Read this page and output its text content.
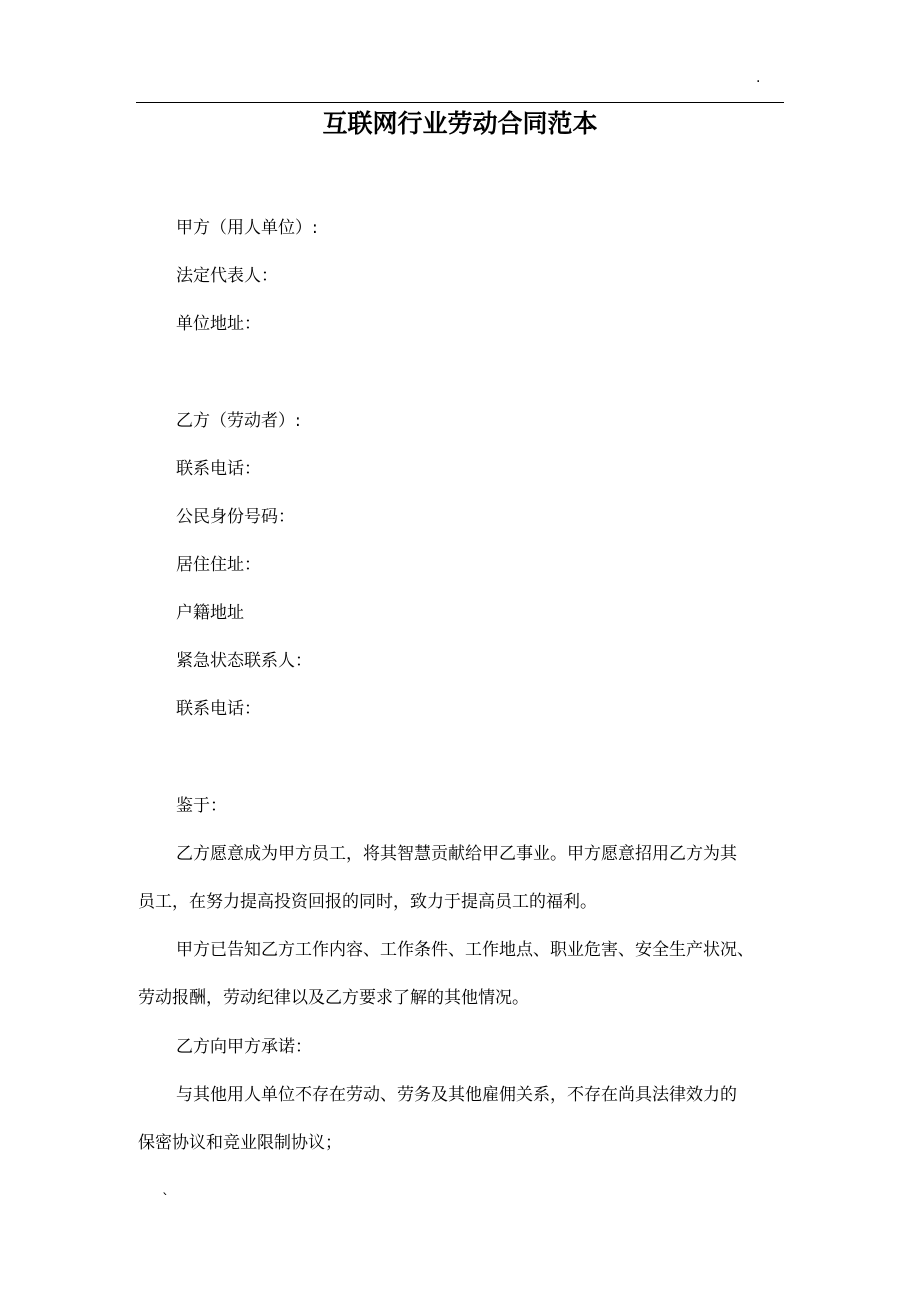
.
互联网行业劳动合同范本
甲方（用人单位）:
法定代表人：
单位地址：
乙方（劳动者）:
联系电话：
公民身份号码：
居住住址：
户籍地址
紧急状态联系人：
联系电话：
鉴于：
乙方愿意成为甲方员工，将其智慧贡献给甲乙事业。甲方愿意招用乙方为其
员工，在努力提高投资回报的同时，致力于提高员工的福利。
甲方已告知乙方工作内容、工作条件、工作地点、职业危害、安全生产状况、
劳动报酬，劳动纪律以及乙方要求了解的其他情况。
乙方向甲方承诺：
与其他用人单位不存在劳动、劳务及其他雇佣关系，不存在尚具法律效力的
保密协议和竞业限制协议；
`
